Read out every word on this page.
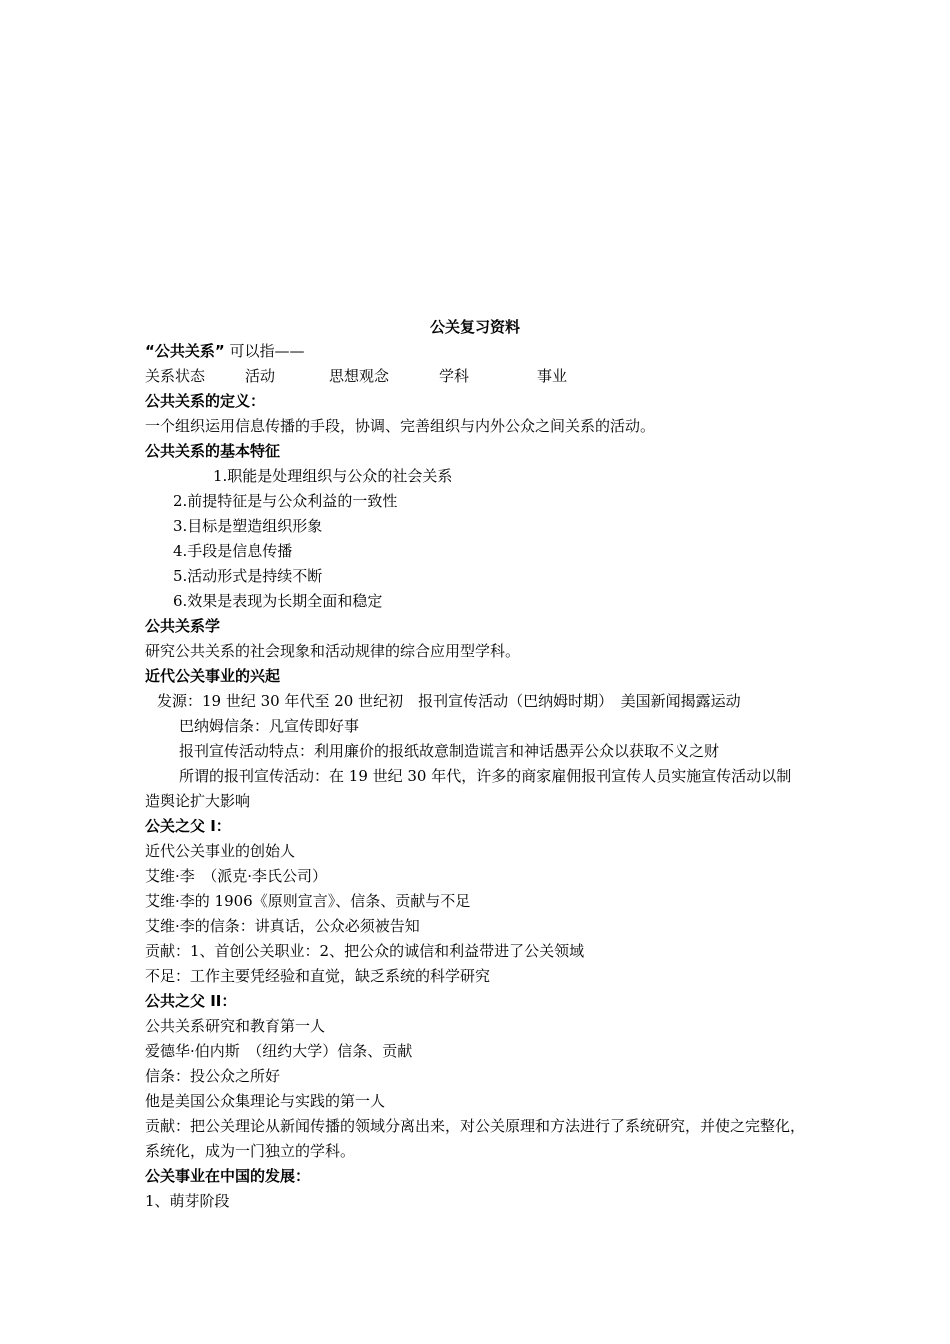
公关复习资料
“公共关系” 可以指——
关系状态	活动	思想观念	学科	事业
公共关系的定义：
一个组织运用信息传播的手段，协调、完善组织与内外公众之间关系的活动。
公共关系的基本特征
1.职能是处理组织与公众的社会关系
2.前提特征是与公众利益的一致性
3.目标是塑造组织形象
4.手段是信息传播
5.活动形式是持续不断
6.效果是表现为长期全面和稳定
公共关系学
研究公共关系的社会现象和活动规律的综合应用型学科。
近代公关事业的兴起
发源：19 世纪 30 年代至 20 世纪初　报刊宣传活动（巴纳姆时期）　美国新闻揭露运动
巴纳姆信条：凡宣传即好事
报刊宣传活动特点：利用廉价的报纸故意制造谎言和神话愚弄公众以获取不义之财
所谓的报刊宣传活动：在 19 世纪 30 年代，许多的商家雇佣报刊宣传人员实施宣传活动以制造舆论扩大影响
公关之父 I：
近代公关事业的创始人
艾维·李　（派克·李氏公司）
艾维·李的 1906《原则宣言》、信条、贡献与不足
艾维·李的信条：讲真话，公众必须被告知
贡献：1、首创公关职业：2、把公众的诚信和利益带进了公关领域
不足：工作主要凭经验和直觉，缺乏系统的科学研究
公共之父 II：
公共关系研究和教育第一人
爱德华·伯内斯　（纽约大学）信条、贡献
信条：投公众之所好
他是美国公众集理论与实践的第一人
贡献：把公关理论从新闻传播的领域分离出来，对公关原理和方法进行了系统研究，并使之完整化，系统化，成为一门独立的学科。
公关事业在中国的发展：
1、萌芽阶段
